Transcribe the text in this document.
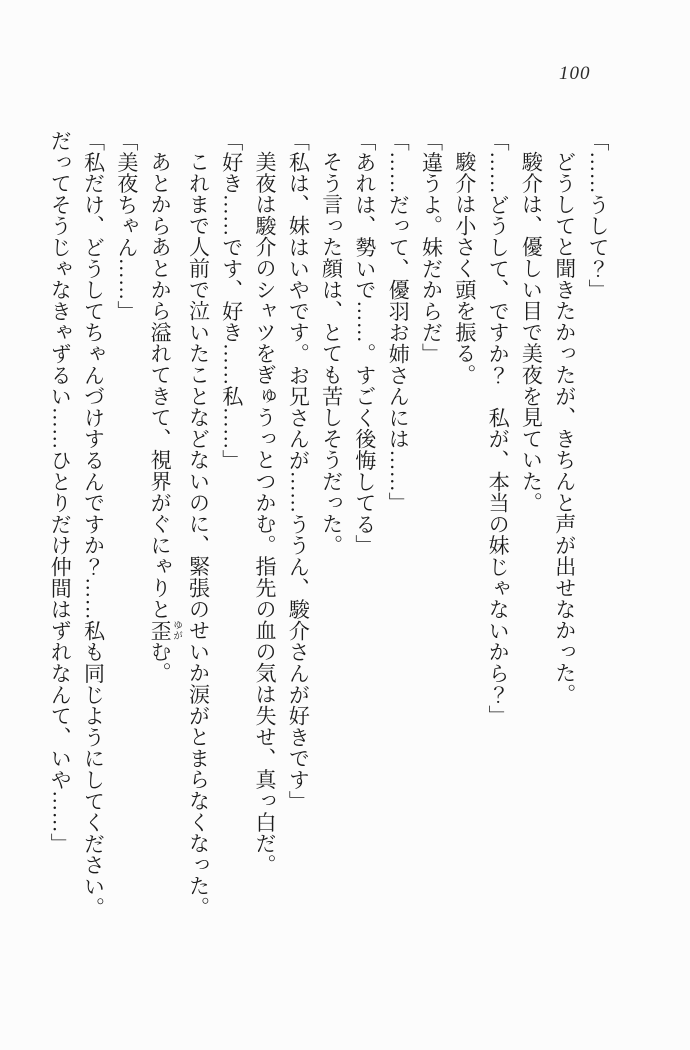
100

「……うして？」

どうしてと聞きたかったが、きちんと声が出せなかった。

駿介は、優しい目で美夜を見ていた。

「……どうして、ですか？　私が、本当の妹じゃないから？」

駿介は小さく頭を振る。

「違うよ。妹だからだ」

「……だって、優羽お姉さんには……」

「あれは、勢いで……。すごく後悔してる」

そう言った顔は、とても苦しそうだった。

「私は、妹はいやです。お兄さんが……ううん、駿介さんが好きです」

美夜は駿介のシャツをぎゅうっとつかむ。指先の血の気は失せ、真っ白だ。

「好き……です、好き……私……」

これまで人前で泣いたことなどないのに、緊張のせいか涙がとまらなくなった。

あとからあとから溢れてきて、視界がぐにゃりと歪 ゆがむ。

「美夜ちゃん……」

「私だけ、どうしてちゃんづけするんですか？……私も同じようにしてください。だってそうじゃなきゃずるい……ひとりだけ仲間はずれなんて、いや……」
